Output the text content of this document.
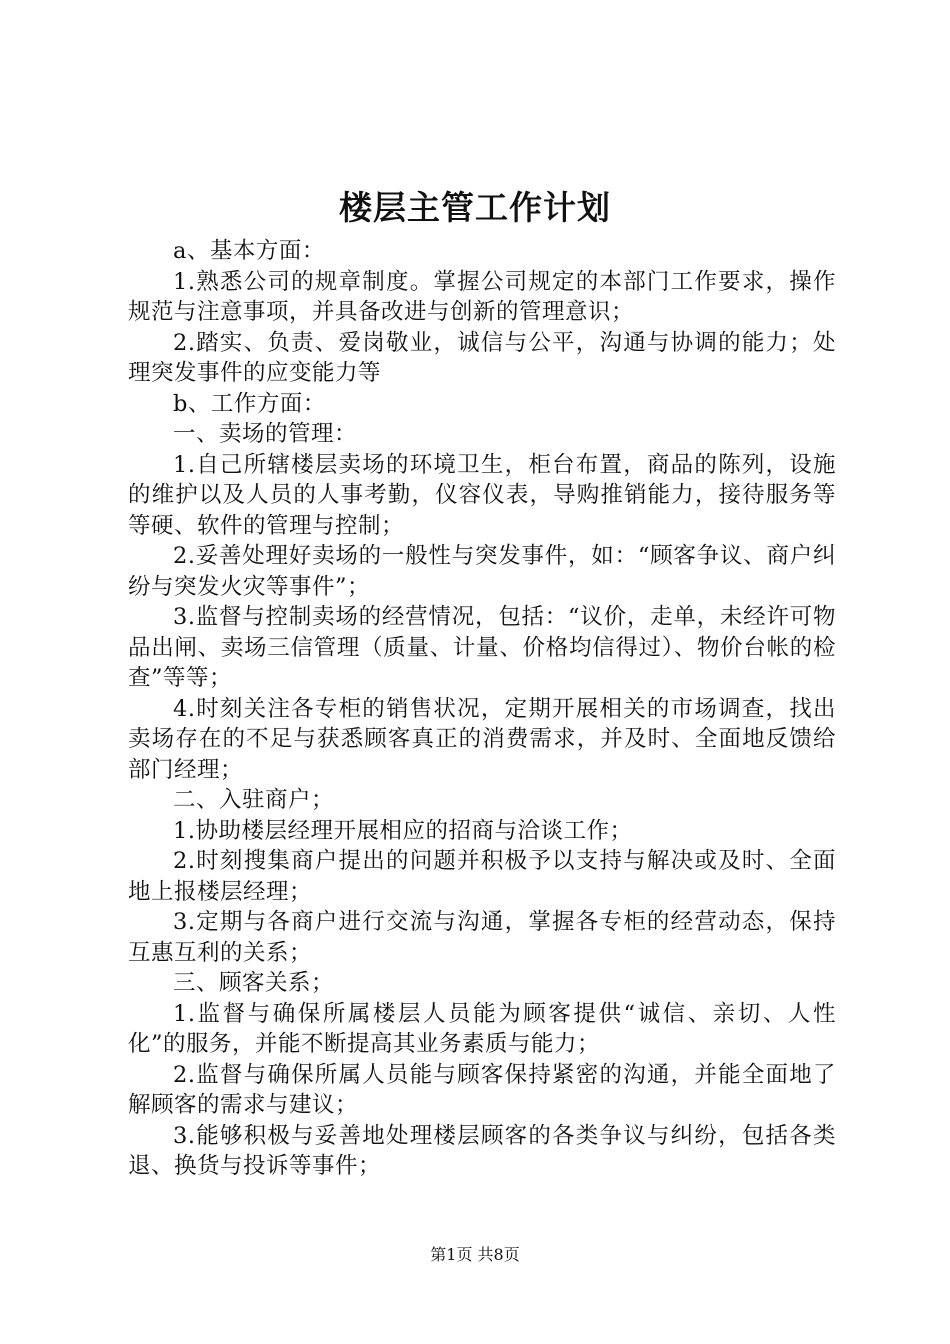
楼层主管工作计划

a、基本方面：

1.熟悉公司的规章制度。掌握公司规定的本部门工作要求，操作规范与注意事项，并具备改进与创新的管理意识；

2.踏实、负责、爱岗敬业，诚信与公平，沟通与协调的能力；处理突发事件的应变能力等

b、工作方面：

一、卖场的管理：

1.自己所辖楼层卖场的环境卫生，柜台布置，商品的陈列，设施的维护以及人员的人事考勤，仪容仪表，导购推销能力，接待服务等等硬、软件的管理与控制；

2.妥善处理好卖场的一般性与突发事件，如：“顾客争议、商户纠纷与突发火灾等事件”；

3.监督与控制卖场的经营情况，包括：“议价，走单，未经许可物品出闸、卖场三信管理（质量、计量、价格均信得过）、物价台帐的检查”等等；

4.时刻关注各专柜的销售状况，定期开展相关的市场调查，找出卖场存在的不足与获悉顾客真正的消费需求，并及时、全面地反馈给部门经理；

二、入驻商户；

1.协助楼层经理开展相应的招商与洽谈工作；

2.时刻搜集商户提出的问题并积极予以支持与解决或及时、全面地上报楼层经理；

3.定期与各商户进行交流与沟通，掌握各专柜的经营动态，保持互惠互利的关系；

三、顾客关系；

1.监督与确保所属楼层人员能为顾客提供“诚信、亲切、人性化”的服务，并能不断提高其业务素质与能力；

2.监督与确保所属人员能与顾客保持紧密的沟通，并能全面地了解顾客的需求与建议；

3.能够积极与妥善地处理楼层顾客的各类争议与纠纷，包括各类退、换货与投诉等事件；

第1页 共8页
